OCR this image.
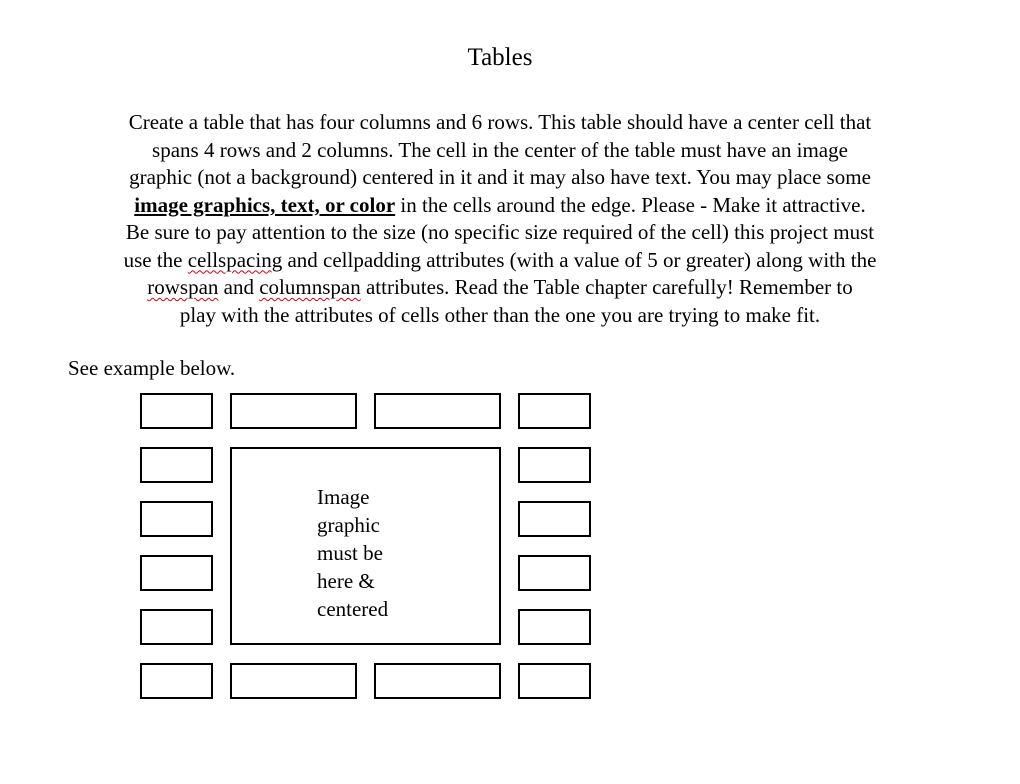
Tables
Create a table that has four columns and 6 rows. This table should have a center cell that
spans 4 rows and 2 columns. The cell in the center of the table must have an image
graphic (not a background) centered in it and it may also have text. You may place some
image graphics, text, or color in the cells around the edge. Please - Make it attractive.
Be sure to pay attention to the size (no specific size required of the cell) this project must
use the cellspacing and cellpadding attributes (with a value of 5 or greater) along with the
rowspan and columnspan attributes. Read the Table chapter carefully! Remember to
play with the attributes of cells other than the one you are trying to make fit.
See example below.
Image
graphic
must be
here &
centered
